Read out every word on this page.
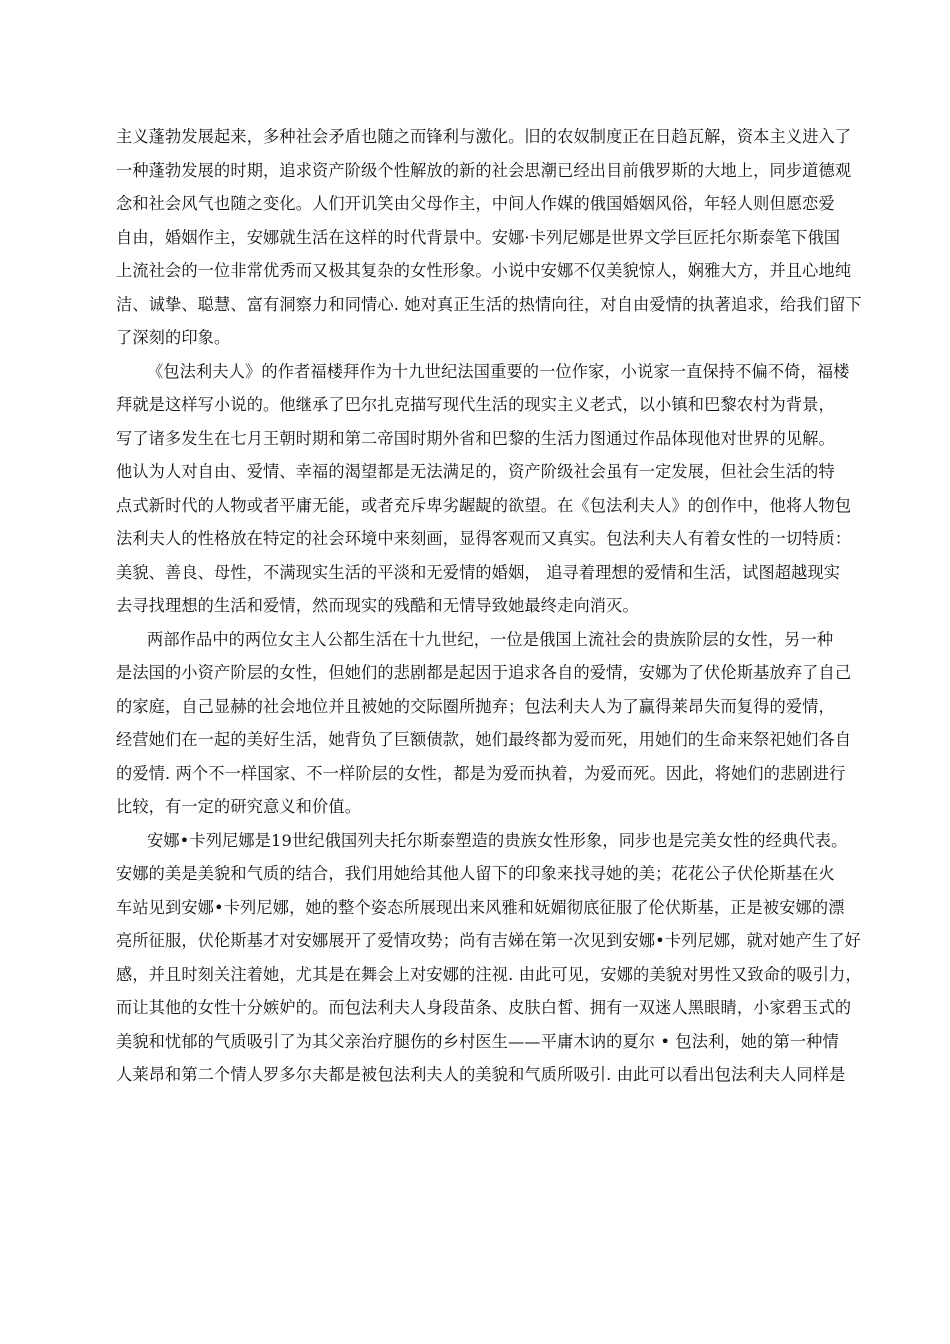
主义蓬勃发展起来，多种社会矛盾也随之而锋利与激化。旧的农奴制度正在日趋瓦解，资本主义进入了
一种蓬勃发展的时期，追求资产阶级个性解放的新的社会思潮已经出目前俄罗斯的大地上，同步道德观
念和社会风气也随之变化。人们开讥笑由父母作主，中间人作媒的俄国婚姻风俗，年轻人则但愿恋爱
自由，婚姻作主，安娜就生活在这样的时代背景中。安娜·卡列尼娜是世界文学巨匠托尔斯泰笔下俄国
上流社会的一位非常优秀而又极其复杂的女性形象。小说中安娜不仅美貌惊人，娴雅大方，并且心地纯
洁、诚挚、聪慧、富有洞察力和同情心. 她对真正生活的热情向往，对自由爱情的执著追求，给我们留下
了深刻的印象。
《包法利夫人》的作者福楼拜作为十九世纪法国重要的一位作家，小说家一直保持不偏不倚，福楼
拜就是这样写小说的。他继承了巴尔扎克描写现代生活的现实主义老式，以小镇和巴黎农村为背景，
写了诸多发生在七月王朝时期和第二帝国时期外省和巴黎的生活力图通过作品体现他对世界的见解。
他认为人对自由、爱情、幸福的渴望都是无法满足的，资产阶级社会虽有一定发展，但社会生活的特
点式新时代的人物或者平庸无能，或者充斥卑劣龌龊的欲望。在《包法利夫人》的创作中，他将人物包
法利夫人的性格放在特定的社会环境中来刻画，显得客观而又真实。包法利夫人有着女性的一切特质：
美貌、善良、母性，不满现实生活的平淡和无爱情的婚姻， 追寻着理想的爱情和生活，试图超越现实
去寻找理想的生活和爱情，然而现实的残酷和无情导致她最终走向消灭。
两部作品中的两位女主人公都生活在十九世纪，一位是俄国上流社会的贵族阶层的女性，另一种
是法国的小资产阶层的女性，但她们的悲剧都是起因于追求各自的爱情，安娜为了伏伦斯基放弃了自己
的家庭，自己显赫的社会地位并且被她的交际圈所抛弃；包法利夫人为了赢得莱昂失而复得的爱情，
经营她们在一起的美好生活，她背负了巨额债款，她们最终都为爱而死，用她们的生命来祭祀她们各自
的爱情. 两个不一样国家、不一样阶层的女性，都是为爱而执着，为爱而死。因此，将她们的悲剧进行
比较，有一定的研究意义和价值。
安娜•卡列尼娜是19世纪俄国列夫托尔斯泰塑造的贵族女性形象，同步也是完美女性的经典代表。
安娜的美是美貌和气质的结合，我们用她给其他人留下的印象来找寻她的美；花花公子伏伦斯基在火
车站见到安娜•卡列尼娜，她的整个姿态所展现出来风雅和妩媚彻底征服了伦伏斯基，正是被安娜的漂
亮所征服，伏伦斯基才对安娜展开了爱情攻势；尚有吉娣在第一次见到安娜•卡列尼娜，就对她产生了好
感，并且时刻关注着她，尤其是在舞会上对安娜的注视. 由此可见，安娜的美貌对男性又致命的吸引力，
而让其他的女性十分嫉妒的。而包法利夫人身段苗条、皮肤白皙、拥有一双迷人黑眼睛，小家碧玉式的
美貌和忧郁的气质吸引了为其父亲治疗腿伤的乡村医生——平庸木讷的夏尔 • 包法利，她的第一种情
人莱昂和第二个情人罗多尔夫都是被包法利夫人的美貌和气质所吸引. 由此可以看出包法利夫人同样是
